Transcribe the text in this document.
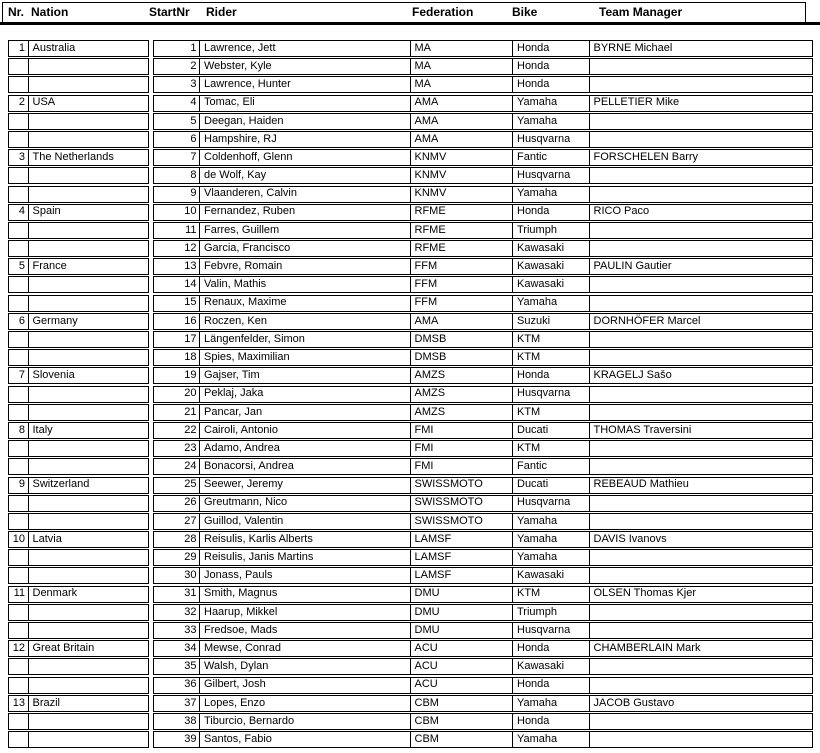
Nr. Nation	StartNr Rider	Federation	Bike	Team Manager
1 Australia	1 Lawrence, Jett	MA	Honda	BYRNE Michael
2 Webster, Kyle	MA	Honda
3 Lawrence, Hunter	MA	Honda
2 USA	4 Tomac, Eli	AMA	Yamaha	PELLETIER Mike
5 Deegan, Haiden	AMA	Yamaha
6 Hampshire, RJ	AMA	Husqvarna
3 The Netherlands	7 Coldenhoff, Glenn	KNMV	Fantic	FORSCHELEN Barry
8 de Wolf, Kay	KNMV	Husqvarna
9 Vlaanderen, Calvin	KNMV	Yamaha
4 Spain	10 Fernandez, Ruben	RFME	Honda	RICO Paco
11 Farres, Guillem	RFME	Triumph
12 Garcia, Francisco	RFME	Kawasaki
5 France	13 Febvre, Romain	FFM	Kawasaki	PAULIN Gautier
14 Valin, Mathis	FFM	Kawasaki
15 Renaux, Maxime	FFM	Yamaha
6 Germany	16 Roczen, Ken	AMA	Suzuki	DORNHÖFER Marcel
17 Längenfelder, Simon	DMSB	KTM
18 Spies, Maximilian	DMSB	KTM
7 Slovenia	19 Gajser, Tim	AMZS	Honda	KRAGELJ Sašo
20 Peklaj, Jaka	AMZS	Husqvarna
21 Pancar, Jan	AMZS	KTM
8 Italy	22 Cairoli, Antonio	FMI	Ducati	THOMAS Traversini
23 Adamo, Andrea	FMI	KTM
24 Bonacorsi, Andrea	FMI	Fantic
9 Switzerland	25 Seewer, Jeremy	SWISSMOTO	Ducati	REBEAUD Mathieu
26 Greutmann, Nico	SWISSMOTO	Husqvarna
27 Guillod, Valentin	SWISSMOTO	Yamaha
10 Latvia	28 Reisulis, Karlis Alberts	LAMSF	Yamaha	DAVIS Ivanovs
29 Reisulis, Janis Martins	LAMSF	Yamaha
30 Jonass, Pauls	LAMSF	Kawasaki
11 Denmark	31 Smith, Magnus	DMU	KTM	OLSEN Thomas Kjer
32 Haarup, Mikkel	DMU	Triumph
33 Fredsoe, Mads	DMU	Husqvarna
12 Great Britain	34 Mewse, Conrad	ACU	Honda	CHAMBERLAIN Mark
35 Walsh, Dylan	ACU	Kawasaki
36 Gilbert, Josh	ACU	Honda
13 Brazil	37 Lopes, Enzo	CBM	Yamaha	JACOB Gustavo
38 Tiburcio, Bernardo	CBM	Honda
39 Santos, Fabio	CBM	Yamaha
